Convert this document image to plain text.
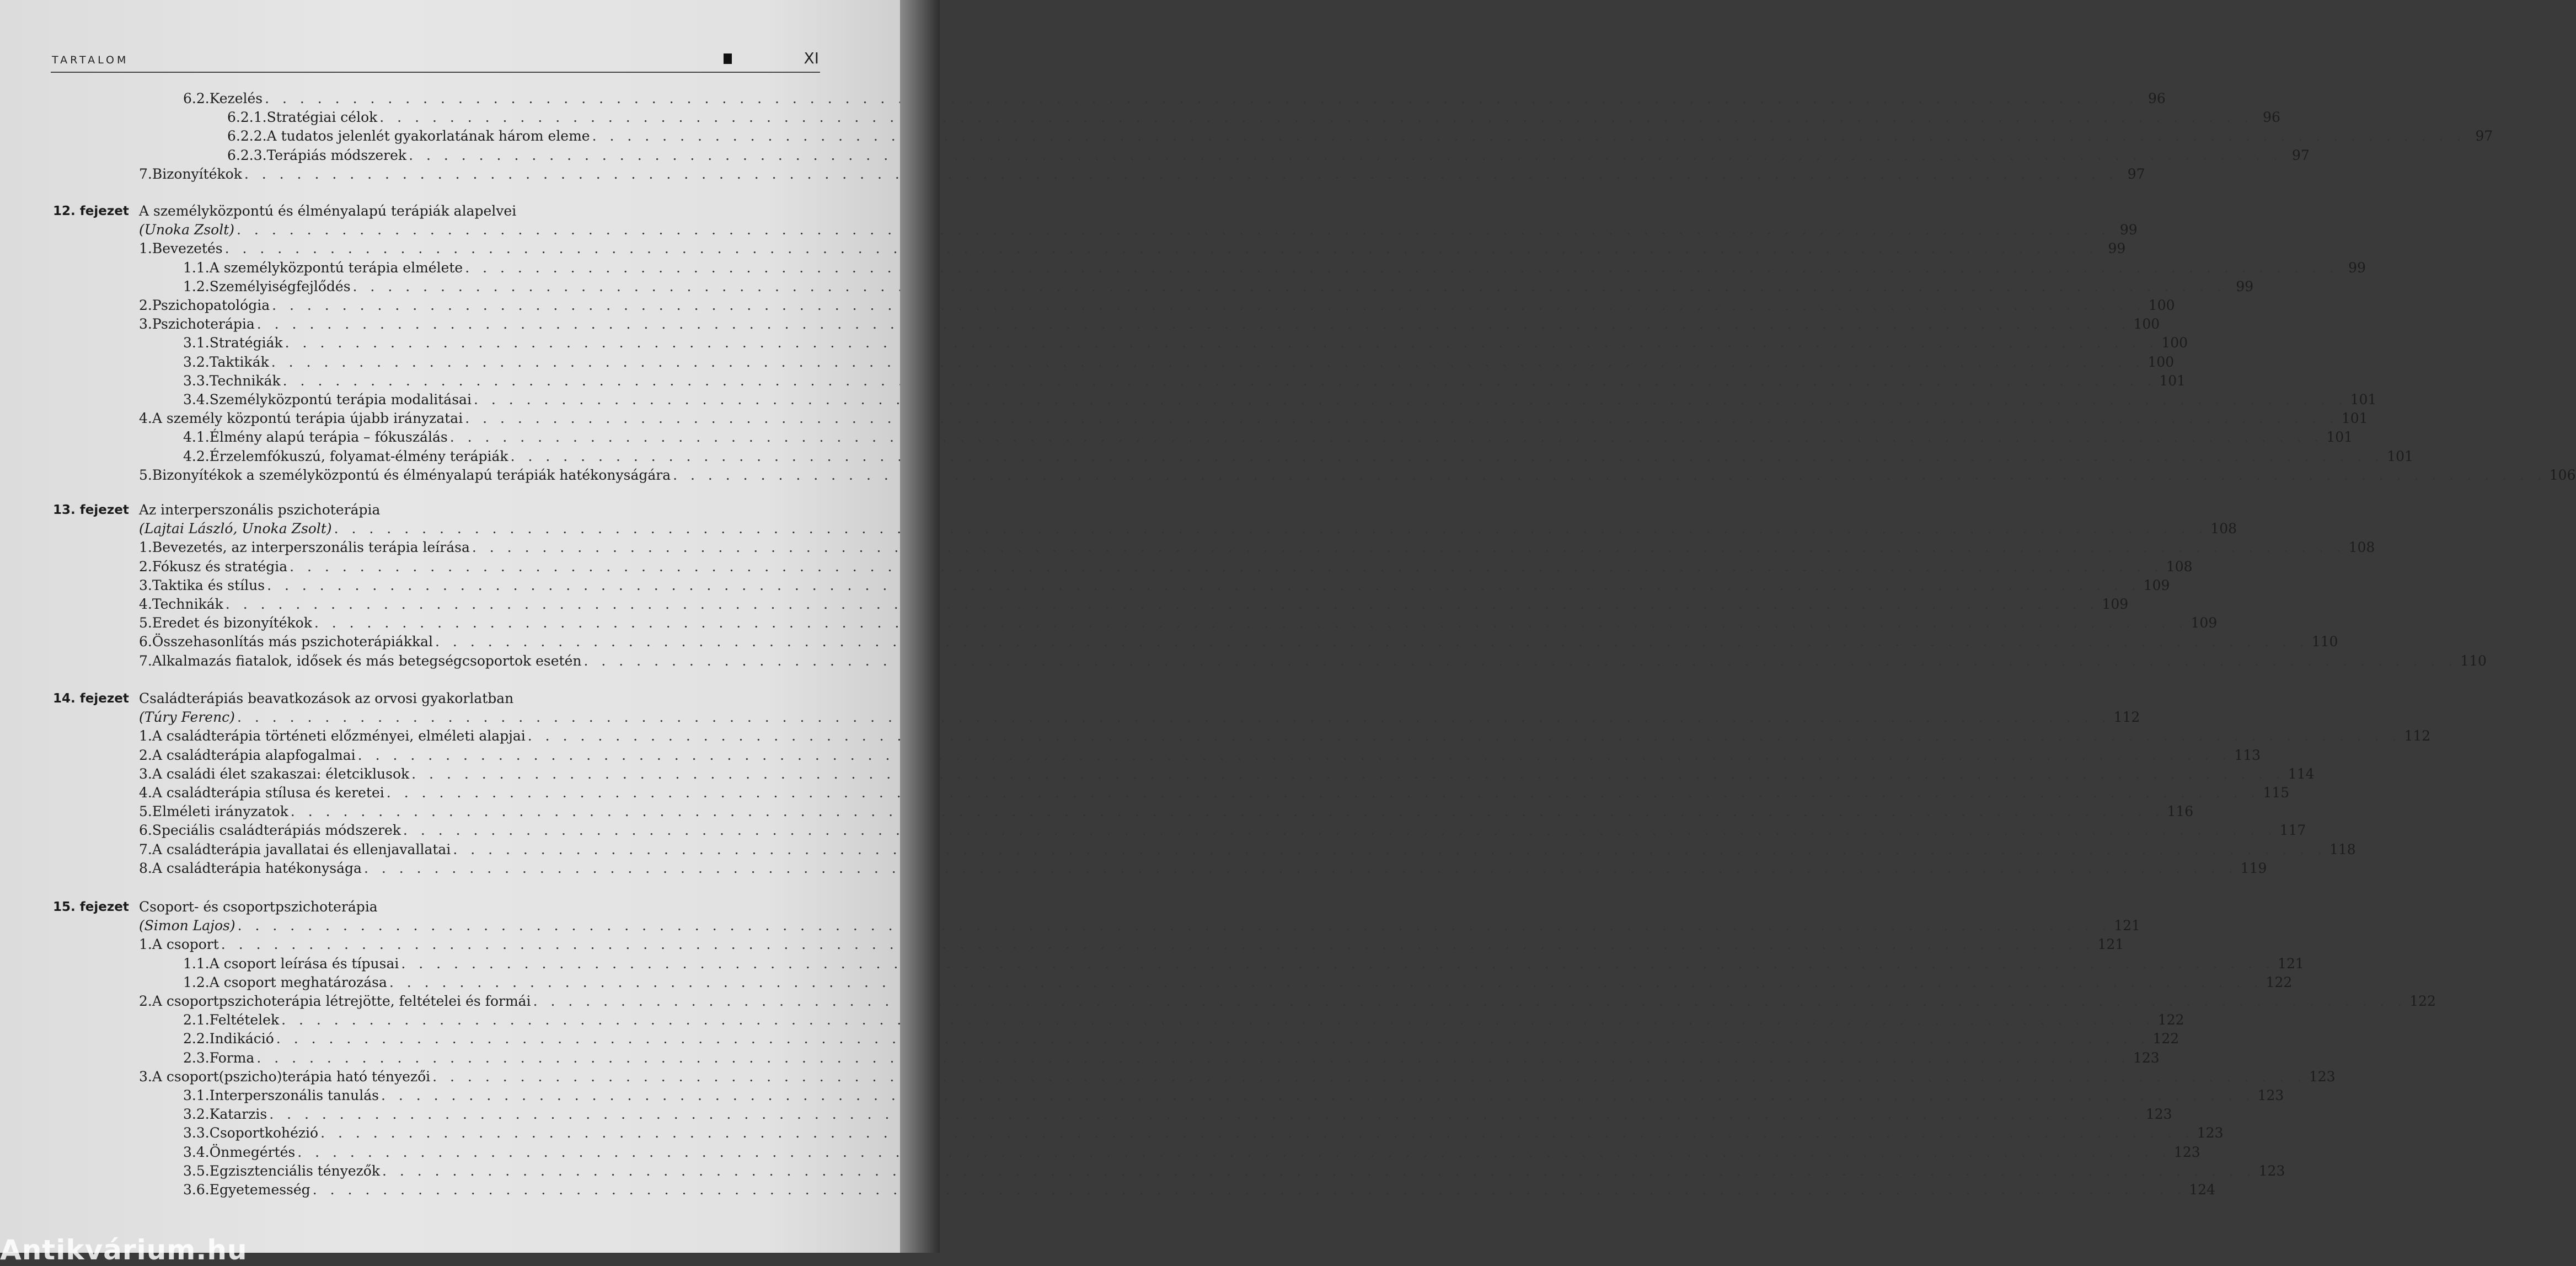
TARTALOM	XI
6.2. Kezelés . . .	96
6.2.1. Stratégiai célok . . .	96
6.2.2. A tudatos jelenlét gyakorlatának három eleme . . .	97
6.2.3. Terápiás módszerek . . .	97
7. Bizonyítékok . . .	97
12. fejezet A személyközpontú és élményalapú terápiák alapelvei
(Unoka Zsolt) . . .	99
1. Bevezetés . . .	99
1.1. A személyközpontú terápia elmélete . . .	99
1.2. Személyiségfejlődés . . .	99
2. Pszichopatológia . . .	100
3. Pszichoterápia . . .	100
3.1. Stratégiák . . .	100
3.2. Taktikák . . .	100
3.3. Technikák . . .	101
3.4. Személyközpontú terápia modalitásai . . .	101
4. A személy központú terápia újabb irányzatai . . .	101
4.1. Élmény alapú terápia – fókuszálás . . .	101
4.2. Érzelemfókuszú, folyamat-élmény terápiák . . .	101
5. Bizonyítékok a személyközpontú és élményalapú terápiák hatékonyságára . . .	106
13. fejezet Az interperszonális pszichoterápia
(Lajtai László, Unoka Zsolt) . . .	108
1. Bevezetés, az interperszonális terápia leírása . . .	108
2. Fókusz és stratégia . . .	108
3. Taktika és stílus . . .	109
4. Technikák . . .	109
5. Eredet és bizonyítékok . . .	109
6. Összehasonlítás más pszichoterápiákkal . . .	110
7. Alkalmazás fiatalok, idősek és más betegségcsoportok esetén . . .	110
14. fejezet Családterápiás beavatkozások az orvosi gyakorlatban
(Túry Ferenc) . . .	112
1. A családterápia történeti előzményei, elméleti alapjai . . .	112
2. A családterápia alapfogalmai . . .	113
3. A családi élet szakaszai: életciklusok . . .	114
4. A családterápia stílusa és keretei . . .	115
5. Elméleti irányzatok . . .	116
6. Speciális családterápiás módszerek . . .	117
7. A családterápia javallatai és ellenjavallatai . . .	118
8. A családterápia hatékonysága . . .	119
15. fejezet Csoport- és csoportpszichoterápia
(Simon Lajos) . . .	121
1. A csoport . . .	121
1.1. A csoport leírása és típusai . . .	121
1.2. A csoport meghatározása . . .	122
2. A csoportpszichoterápia létrejötte, feltételei és formái . . .	122
2.1. Feltételek . . .	122
2.2. Indikáció . . .	122
2.3. Forma . . .	123
3. A csoport(pszicho)terápia ható tényezői . . .	123
3.1. Interperszonális tanulás . . .	123
3.2. Katarzis . . .	123
3.3. Csoportkohézió . . .	123
3.4. Önmegértés . . .	123
3.5. Egzisztenciális tényezők . . .	123
3.6. Egyetemesség . . .	124
Antikvárium.hu
